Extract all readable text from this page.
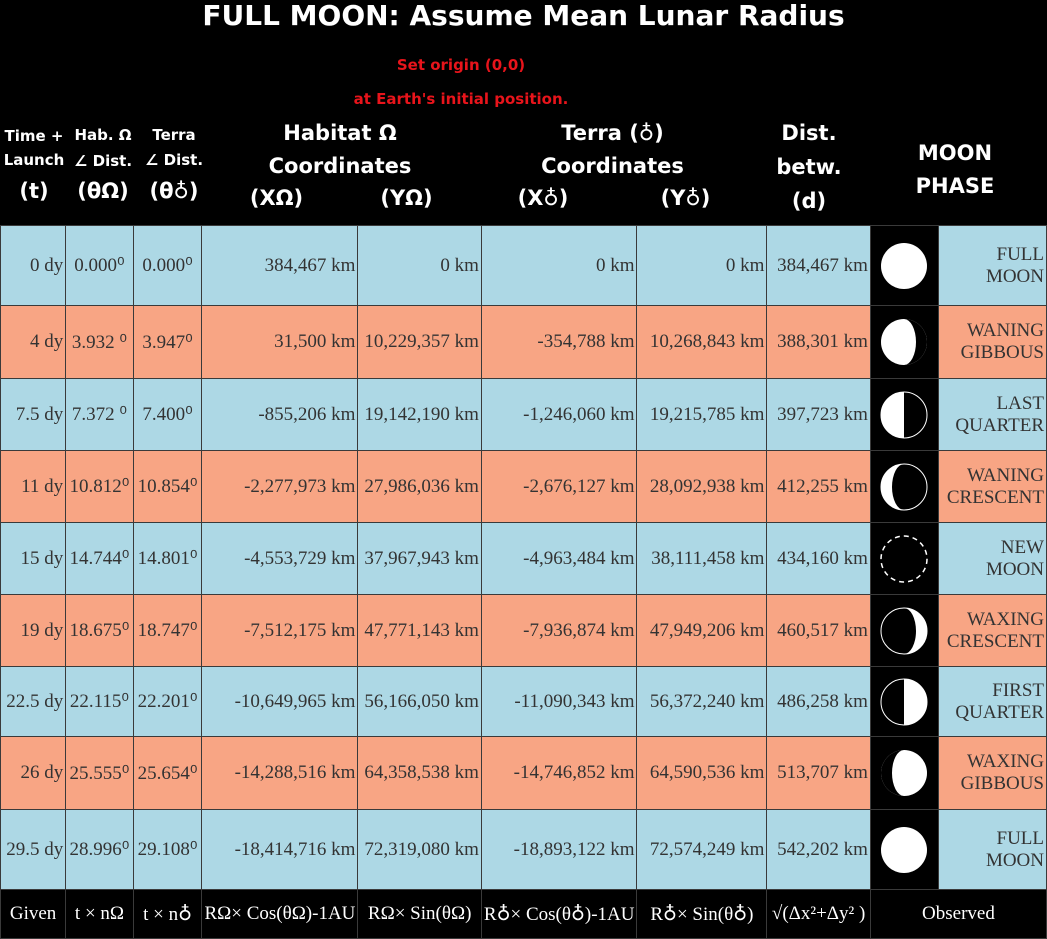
FULL MOON: Assume Mean Lunar Radius
Set origin (0,0)
at Earth's initial position.
Time +
Launch
(t)
Hab. Ω
∠ Dist.
(θΩ)
Terra
∠ Dist.
(θ♁)
Habitat Ω
Coordinates
(XΩ)	(YΩ)
Terra (♁)
Coordinates
(X♁)	(Y♁)
Dist.
betw.
(d)
MOON
PHASE
0 dy	0.000⁰	0.000⁰	384,467 km	0 km	0 km	0 km	384,467 km		FULL
MOON

4 dy	3.932 ⁰	3.947⁰	31,500 km	10,229,357 km	-354,788 km	10,268,843 km	388,301 km		WANING
GIBBOUS

7.5 dy	7.372 ⁰	7.400⁰	-855,206 km	19,142,190 km	-1,246,060 km	19,215,785 km	397,723 km		LAST
QUARTER

11 dy	10.812⁰	10.854⁰	-2,277,973 km	27,986,036 km	-2,676,127 km	28,092,938 km	412,255 km		WANING
CRESCENT

15 dy	14.744⁰	14.801⁰	-4,553,729 km	37,967,943 km	-4,963,484 km	38,111,458 km	434,160 km		NEW
MOON

19 dy	18.675⁰	18.747⁰	-7,512,175 km	47,771,143 km	-7,936,874 km	47,949,206 km	460,517 km		WAXING
CRESCENT

22.5 dy	22.115⁰	22.201⁰	-10,649,965 km	56,166,050 km	-11,090,343 km	56,372,240 km	486,258 km		FIRST
QUARTER

26 dy	25.555⁰	25.654⁰	-14,288,516 km	64,358,538 km	-14,746,852 km	64,590,536 km	513,707 km		WAXING
GIBBOUS

29.5 dy	28.996⁰	29.108⁰	-18,414,716 km	72,319,080 km	-18,893,122 km	72,574,249 km	542,202 km		FULL
MOON

Given	t × nΩ	t × n♁	RΩ× Cos(θΩ)-1AU	RΩ× Sin(θΩ)	R♁× Cos(θ♁)-1AU	R♁× Sin(θ♁)	√(Δx²+Δy² )	Observed	
